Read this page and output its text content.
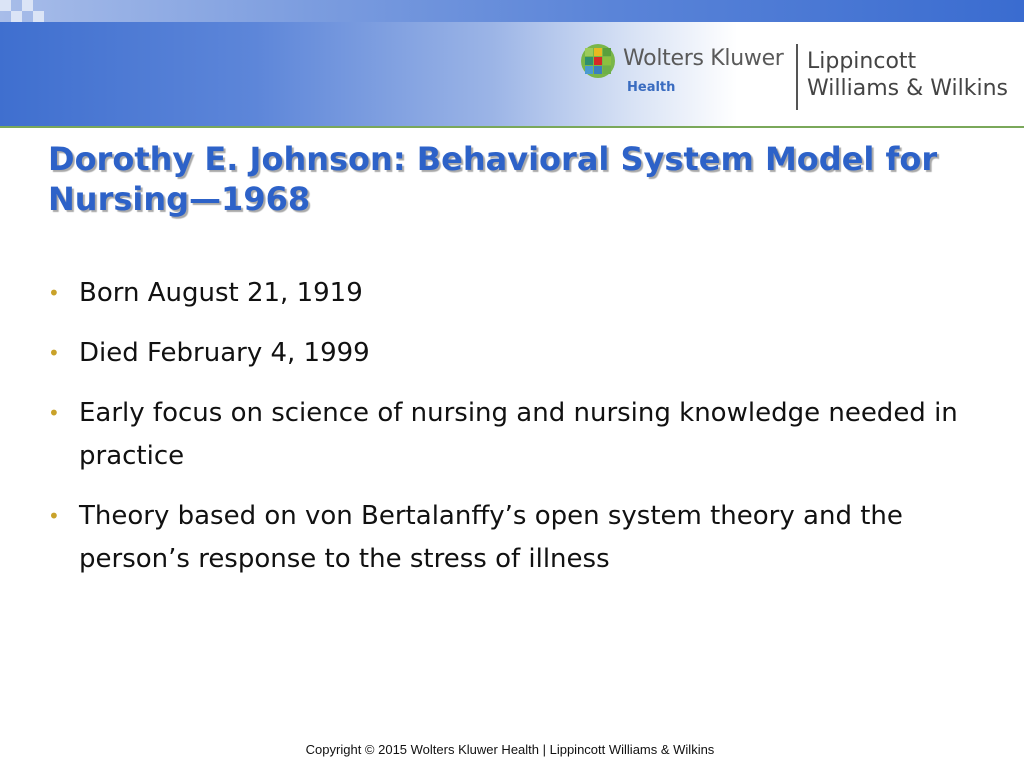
Wolters Kluwer
Health
Lippincott
Williams & Wilkins
Dorothy E. Johnson: Behavioral System Model for Nursing—1968
• Born August 21, 1919
• Died February 4, 1999
• Early focus on science of nursing and nursing knowledge needed in practice
• Theory based on von Bertalanffy’s open system theory and the person’s response to the stress of illness
Copyright © 2015 Wolters Kluwer Health | Lippincott Williams & Wilkins
